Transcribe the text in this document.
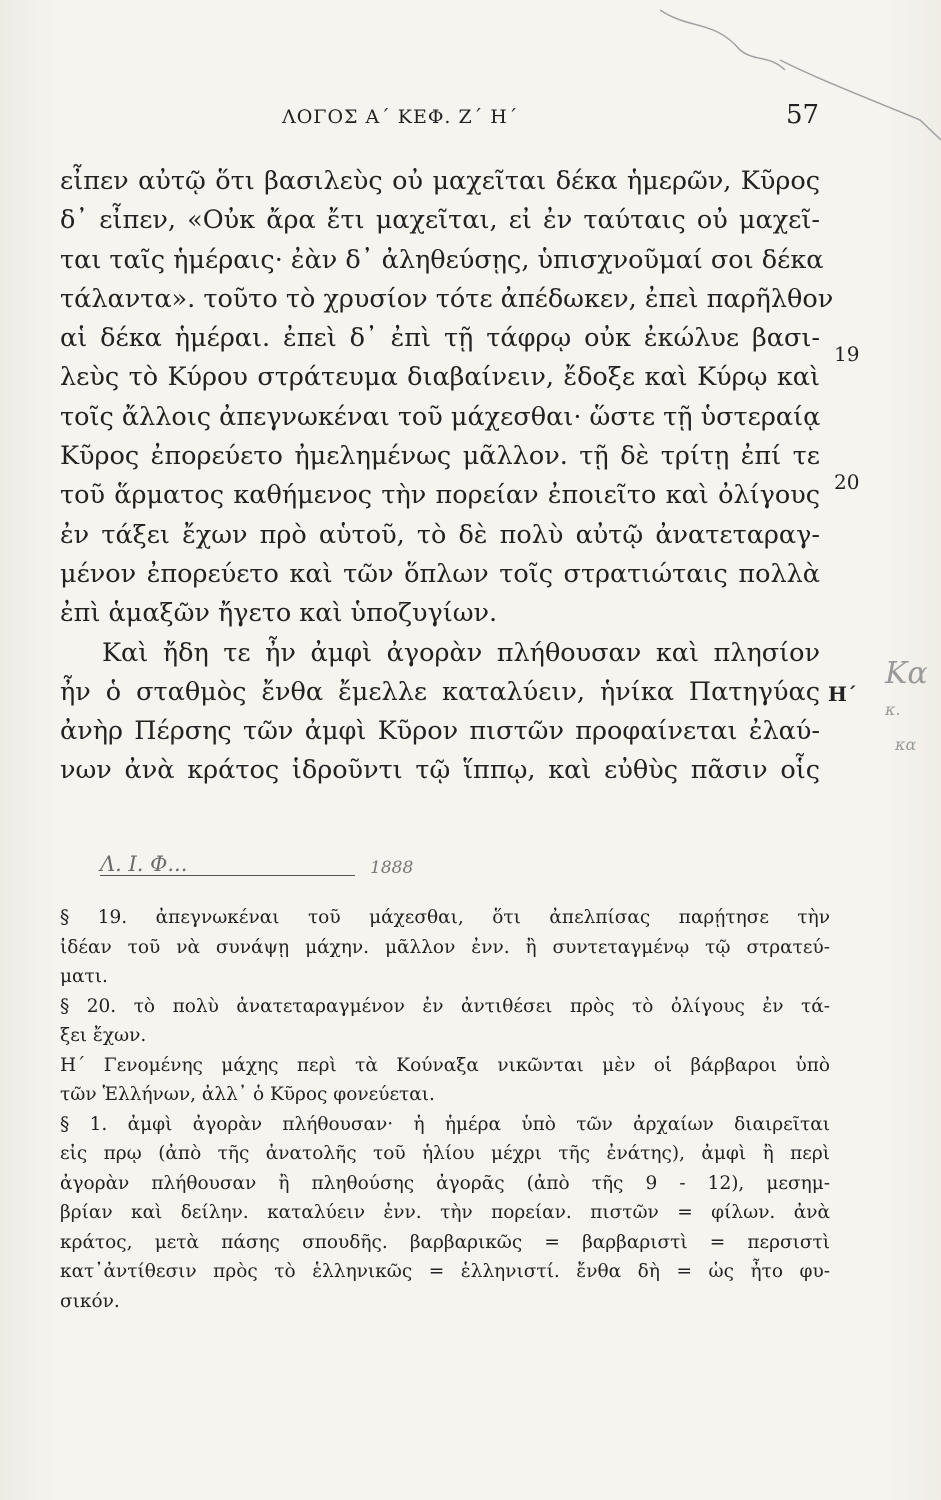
ΛΟΓΟΣ Α΄ ΚΕΦ. Ζ΄ Η΄	57
εἶπεν αὐτῷ ὅτι βασιλεὺς οὐ μαχεῖται δέκα ἡμερῶν, Κῦρος
δ᾽ εἶπεν, «Οὐκ ἄρα ἔτι μαχεῖται, εἰ ἐν ταύταις οὐ μαχεῖ-
ται ταῖς ἡμέραις· ἐὰν δ᾽ ἀληθεύσῃς, ὑπισχνοῦμαί σοι δέκα
τάλαντα». τοῦτο τὸ χρυσίον τότε ἀπέδωκεν, ἐπεὶ παρῆλθον
αἱ δέκα ἡμέραι. ἐπεὶ δ᾽ ἐπὶ τῇ τάφρῳ οὐκ ἐκώλυε βασι-
λεὺς τὸ Κύρου στράτευμα διαβαίνειν, ἔδοξε καὶ Κύρῳ καὶ
τοῖς ἄλλοις ἀπεγνωκέναι τοῦ μάχεσθαι· ὥστε τῇ ὑστεραίᾳ
Κῦρος ἐπορεύετο ἠμελημένως μᾶλλον. τῇ δὲ τρίτῃ ἐπί τε
τοῦ ἅρματος καθήμενος τὴν πορείαν ἐποιεῖτο καὶ ὀλίγους
ἐν τάξει ἔχων πρὸ αὑτοῦ, τὸ δὲ πολὺ αὐτῷ ἀνατεταραγ-
μένον ἐπορεύετο καὶ τῶν ὅπλων τοῖς στρατιώταις πολλὰ
ἐπὶ ἁμαξῶν ἤγετο καὶ ὑποζυγίων.
Καὶ ἤδη τε ἦν ἀμφὶ ἀγορὰν πλήθουσαν καὶ πλησίον
ἦν ὁ σταθμὸς ἔνθα ἔμελλε καταλύειν, ἡνίκα Πατηγύας
ἀνὴρ Πέρσης τῶν ἀμφὶ Κῦρον πιστῶν προφαίνεται ἐλαύ-
νων ἀνὰ κράτος ἱδροῦντι τῷ ἵππῳ, καὶ εὐθὺς πᾶσιν οἷς
19
20
Η΄
Κα
κ.
κα
Λ. Ι. Φ...	1888
§ 19. ἀπεγνωκέναι τοῦ μάχεσθαι, ὅτι ἀπελπίσας παρῄτησε τὴν
ἰδέαν τοῦ νὰ συνάψῃ μάχην. μᾶλλον ἐνν. ἢ συντεταγμένῳ τῷ στρατεύ-
ματι.
§ 20. τὸ πολὺ ἀνατεταραγμένον ἐν ἀντιθέσει πρὸς τὸ ὀλίγους ἐν τά-
ξει ἔχων.
Η΄ Γενομένης μάχης περὶ τὰ Κούναξα νικῶνται μὲν οἱ βάρβαροι ὑπὸ
τῶν Ἑλλήνων, ἀλλ᾽ ὁ Κῦρος φονεύεται.
§ 1. ἀμφὶ ἀγορὰν πλήθουσαν· ἡ ἡμέρα ὑπὸ τῶν ἀρχαίων διαιρεῖται
εἰς πρῳ (ἀπὸ τῆς ἀνατολῆς τοῦ ἡλίου μέχρι τῆς ἐνάτης), ἀμφὶ ἢ περὶ
ἀγορὰν πλήθουσαν ἢ πληθούσης ἀγορᾶς (ἀπὸ τῆς 9 - 12), μεσημ-
βρίαν καὶ δείλην. καταλύειν ἐνν. τὴν πορείαν. πιστῶν = φίλων. ἀνὰ
κράτος, μετὰ πάσης σπουδῆς. βαρβαρικῶς = βαρβαριστὶ = περσιστὶ
κατ᾽ἀντίθεσιν πρὸς τὸ ἑλληνικῶς = ἑλληνιστί. ἔνθα δὴ = ὡς ἦτο φυ-
σικόν.
